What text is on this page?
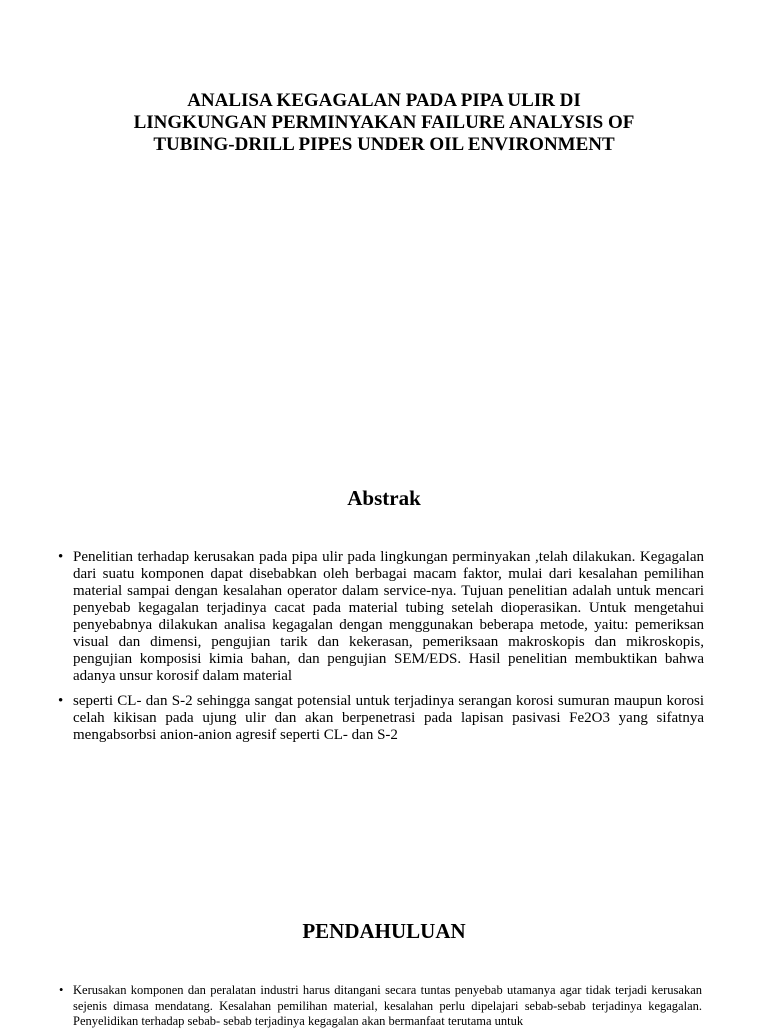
ANALISA KEGAGALAN PADA PIPA ULIR DI
LINGKUNGAN PERMINYAKAN FAILURE ANALYSIS OF
TUBING-DRILL PIPES UNDER OIL ENVIRONMENT
Abstrak
• Penelitian terhadap kerusakan pada pipa ulir pada lingkungan perminyakan ,telah dilakukan. Kegagalan dari suatu komponen dapat disebabkan oleh berbagai macam faktor, mulai dari kesalahan pemilihan material sampai dengan kesalahan operator dalam service-nya. Tujuan penelitian adalah untuk mencari penyebab kegagalan terjadinya cacat pada material tubing setelah dioperasikan. Untuk mengetahui penyebabnya dilakukan analisa kegagalan dengan menggunakan beberapa metode, yaitu: pemeriksan visual dan dimensi, pengujian tarik dan kekerasan, pemeriksaan makroskopis dan mikroskopis, pengujian komposisi kimia bahan, dan pengujian SEM/EDS. Hasil penelitian membuktikan bahwa adanya unsur korosif dalam material
• seperti CL- dan S-2 sehingga sangat potensial untuk terjadinya serangan korosi sumuran maupun korosi celah kikisan pada ujung ulir dan akan berpenetrasi pada lapisan pasivasi Fe2O3 yang sifatnya mengabsorbsi anion-anion agresif seperti CL- dan S-2
PENDAHULUAN
• Kerusakan komponen dan peralatan industri harus ditangani secara tuntas penyebab utamanya agar tidak terjadi kerusakan sejenis dimasa mendatang. Kesalahan pemilihan material, kesalahan perlu dipelajari sebab-sebab terjadinya kegagalan. Penyelidikan terhadap sebab- sebab terjadinya kegagalan akan bermanfaat terutama untuk
